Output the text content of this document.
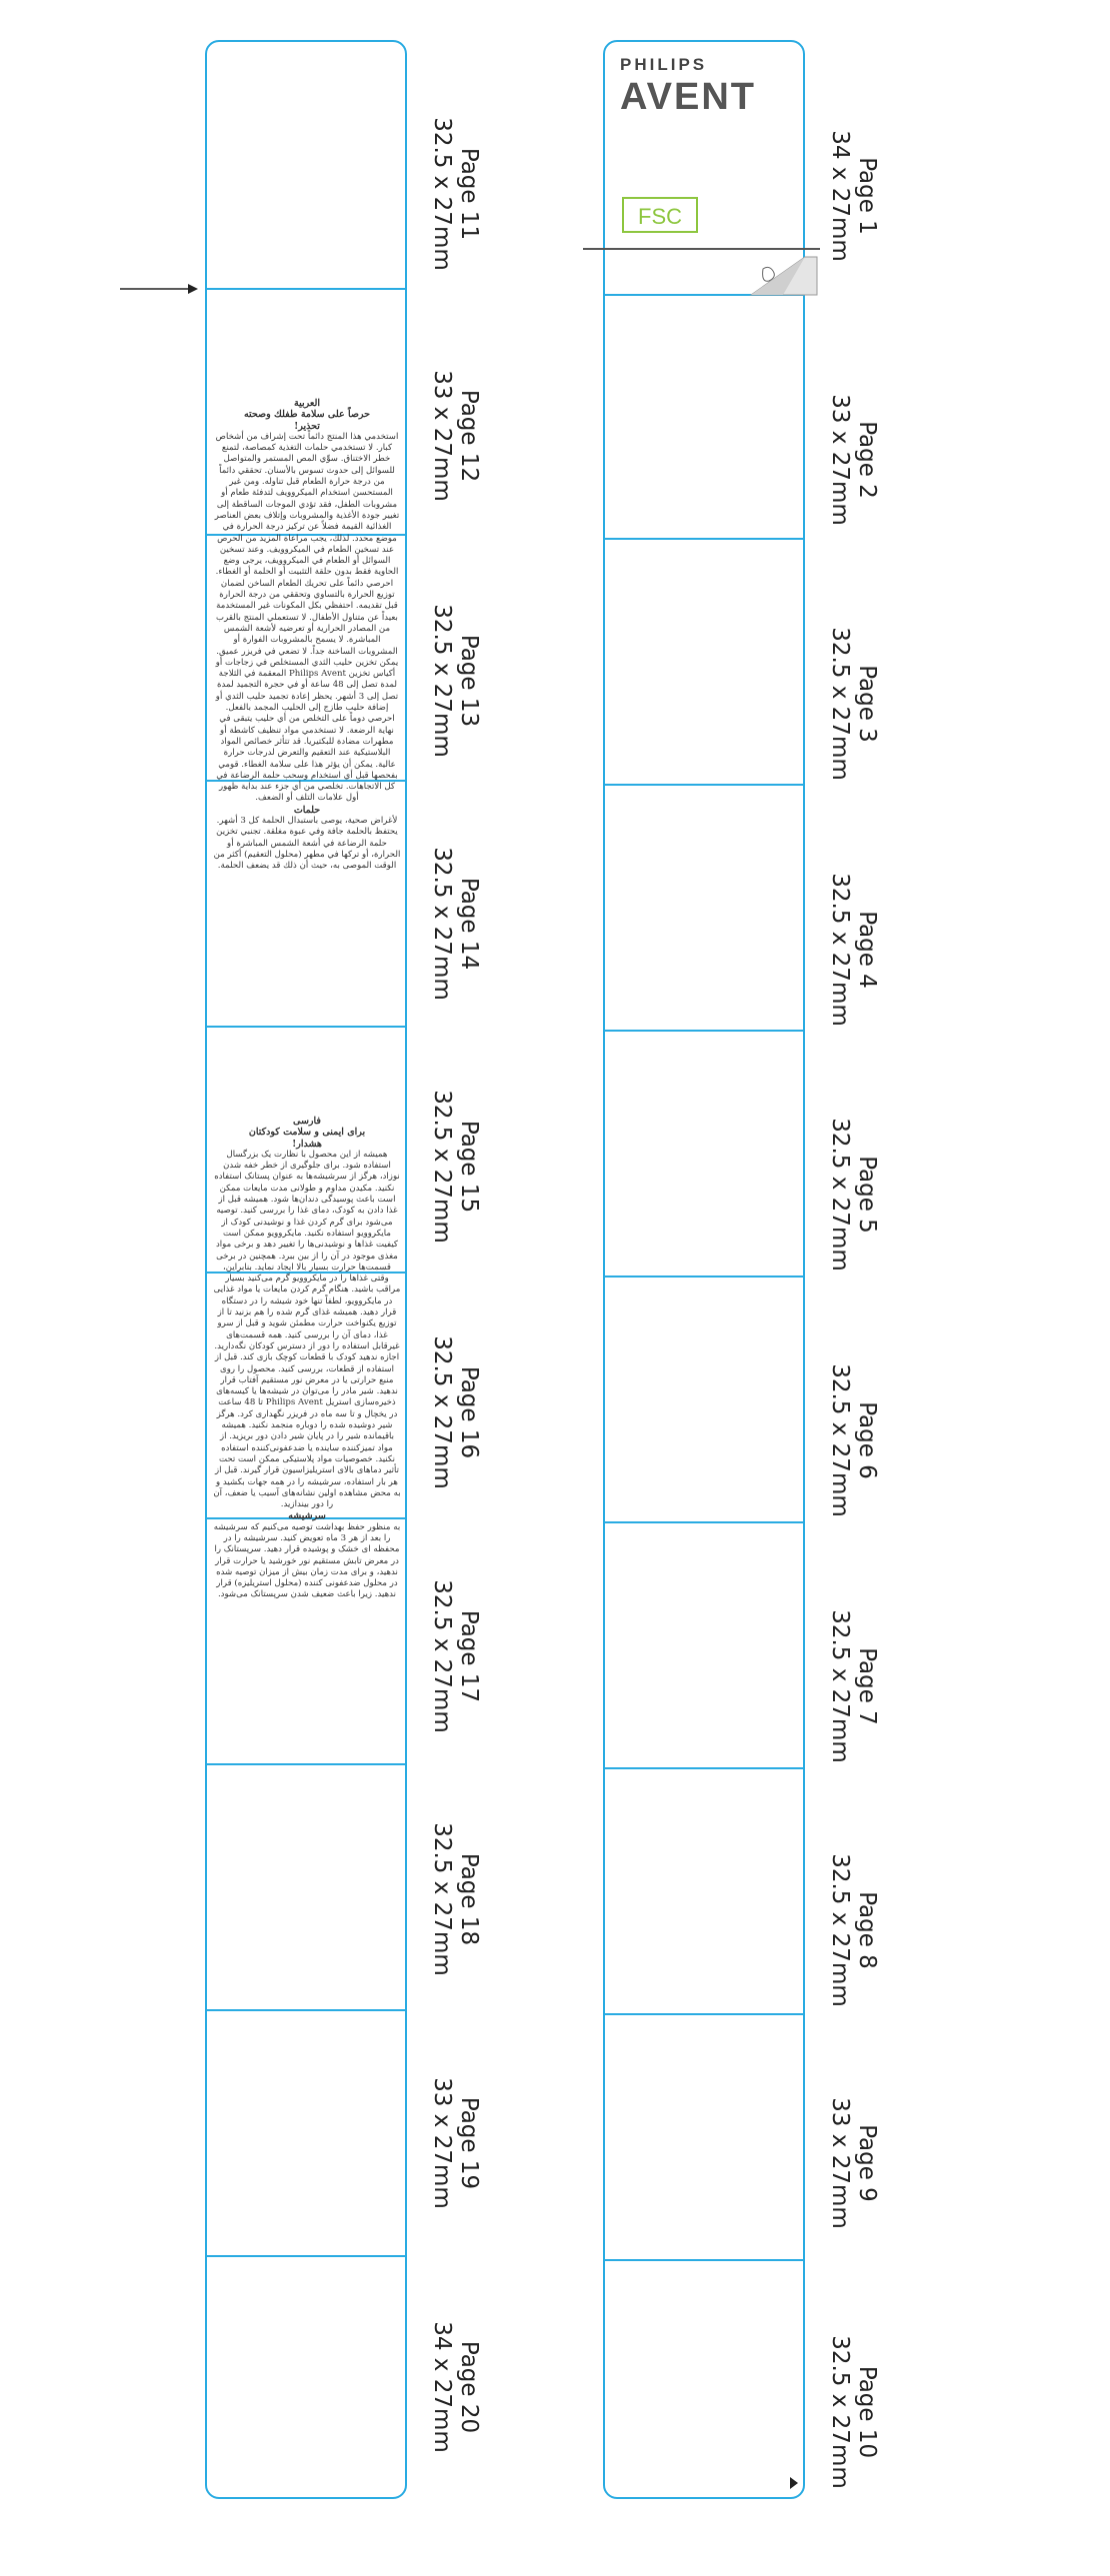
PHILIPS
AVENT
FSC	Page 1
34 x 27mm
Page 2
33 x 27mm
Page 3
32.5 x 27mm
Page 4
32.5 x 27mm
Page 5
32.5 x 27mm
Page 6
32.5 x 27mm
Page 7
32.5 x 27mm
Page 8
32.5 x 27mm
Page 9
33 x 27mm
Page 10
32.5 x 27mm
Page 11
32.5 x 27mm
Page 12
33 x 27mm
Page 13
32.5 x 27mm
Page 14
32.5 x 27mm
Page 15
32.5 x 27mm
Page 16
32.5 x 27mm
Page 17
32.5 x 27mm
Page 18
32.5 x 27mm
Page 19
33 x 27mm
Page 20
34 x 27mm
العربية
حرصاً على سلامة طفلك وصحته
تحذير!
استخدمي هذا المنتج دائماً تحت إشراف من أشخاص كبار. لا تستخدمي حلمات التغذية كمصاصة، لتمنع خطر الاختناق. سوِّي المص المستمر والمتواصل للسوائل إلى حدوث تسوس بالأسنان. تحققي دائماً من درجة حرارة الطعام قبل تناوله. ومن غير المستحسن استخدام الميكروويف لتدفئة طعام أو مشروبات الطفل، فقد تؤدي الموجات الساقطة إلى تغيير جودة الأغذية والمشروبات وإتلاف بعض العناصر الغذائية القيمة فضلاً عن تركيز درجة الحرارة في موضع محدد. لذلك، يجب مراعاة المزيد من الحرص عند تسخين الطعام في الميكروويف. وعند تسخين السوائل أو الطعام في الميكروويف، يرجى وضع الحاوية فقط بدون حلقة التثبيت أو الحلمة أو الغطاء. احرصي دائماً على تحريك الطعام الساخن لضمان توزيع الحرارة بالتساوي وتحققي من درجة الحرارة قبل تقديمه. احتفظي بكل المكونات غير المستخدمة بعيداً عن متناول الأطفال. لا تستعملي المنتج بالقرب من المصادر الحرارية أو تعرضيه لأشعة الشمس المباشرة. لا يسمح بالمشروبات الفوارة أو المشروبات الساخنة جداً. لا تضعي في فريزر عميق. يمكن تخزين حليب الثدي المستخلص في زجاجات أو أكياس تخزين Philips Avent المعقمة في الثلاجة لمدة تصل إلى 48 ساعة أو في حجرة التجميد لمدة تصل إلى 3 أشهر. يحظر إعادة تجميد حليب الثدي أو إضافة حليب طازج إلى الحليب المجمد بالفعل. احرصي دوماً على التخلص من أي حليب يتبقى في نهاية الرضعة. لا تستخدمي مواد تنظيف كاشطة أو مطهرات مضادة للبكتيريا. قد تتأثر خصائص المواد البلاستيكية عند التعقيم والتعرض لدرجات حرارة عالية. يمكن أن يؤثر هذا على سلامة الغطاء. قومي بفحصها قبل أي استخدام وسحب حلمة الرضاعة في كل الاتجاهات. تخلصي من أي جزء عند بداية ظهور أول علامات التلف أو الضعف.
حلمات
لأغراض صحية، يوصى باستبدال الحلمة كل 3 أشهر. يحتفظ بالحلمة جافة وفي عبوة مغلقة. تجنبي تخزين حلمة الرضاعة في أشعة الشمس المباشرة أو الحرارة، أو تركها في مطهر (محلول التعقيم) أكثر من الوقت الموصى به، حيث أن ذلك قد يضعف الحلمة.
فارسی
برای ایمنی و سلامت کودکتان
هشدار!
همیشه از این محصول با نظارت یک بزرگسال استفاده شود. برای جلوگیری از خطر خفه شدن نوزاد، هرگز از سرشیشه‌ها به عنوان پستانک استفاده نکنید. مکیدن مداوم و طولانی مدت مایعات ممکن است باعث پوسیدگی دندان‌ها شود. همیشه قبل از غذا دادن به کودک، دمای غذا را بررسی کنید. توصیه می‌شود برای گرم کردن غذا و نوشیدنی کودک از مایکروویو استفاده نکنید. مایکروویو ممکن است کیفیت غذاها و نوشیدنی‌ها را تغییر دهد و برخی مواد مغذی موجود در آن را از بین ببرد. همچنین در برخی قسمت‌ها حرارت بسیار بالا ایجاد نماید. بنابراین، وقتی غذاها را در مایکروویو گرم می‌کنید بسیار مراقب باشید. هنگام گرم کردن مایعات یا مواد غذایی در مایکروویو، لطفاً تنها خود شیشه را در دستگاه قرار دهید. همیشه غذای گرم شده را هم بزنید تا از توزیع یکنواخت حرارت مطمئن شوید و قبل از سرو غذا، دمای آن را بررسی کنید. همه قسمت‌های غیرقابل استفاده را دور از دسترس کودکان نگه‌دارید. اجازه ندهید کودک با قطعات کوچک بازی کند. قبل از استفاده از قطعات، بررسی کنید. محصول را روی منبع حرارتی یا در معرض نور مستقیم آفتاب قرار ندهید. شیر مادر را می‌توان در شیشه‌ها یا کیسه‌های ذخیره‌سازی استریل Philips Avent تا 48 ساعت در یخچال و تا سه ماه در فریزر نگهداری کرد. هرگز شیر دوشیده شده را دوباره منجمد نکنید. همیشه باقیمانده شیر را در پایان شیر دادن دور بریزید. از مواد تمیزکننده ساینده یا ضدعفونی‌کننده استفاده نکنید. خصوصیات مواد پلاستیکی ممکن است تحت تأثیر دماهای بالای استریلیزاسیون قرار گیرند. قبل از هر بار استفاده، سرشیشه را در همه جهات بکشید و به محض مشاهده اولین نشانه‌های آسیب یا ضعف، آن را دور بیندازید.
سرشیشه
به منظور حفظ بهداشت توصیه می‌کنیم که سرشیشه را بعد از هر 3 ماه تعویض کنید. سرشیشه را در محفظه ای خشک و پوشیده قرار دهید. سرپستانک را در معرض تابش مستقیم نور خورشید یا حرارت قرار ندهید، و برای مدت زمان بیش از میزان توصیه شده در محلول ضدعفونی کننده (محلول استریلیزه) قرار ندهید. زیرا باعث ضعیف شدن سرپستانک می‌شود.
